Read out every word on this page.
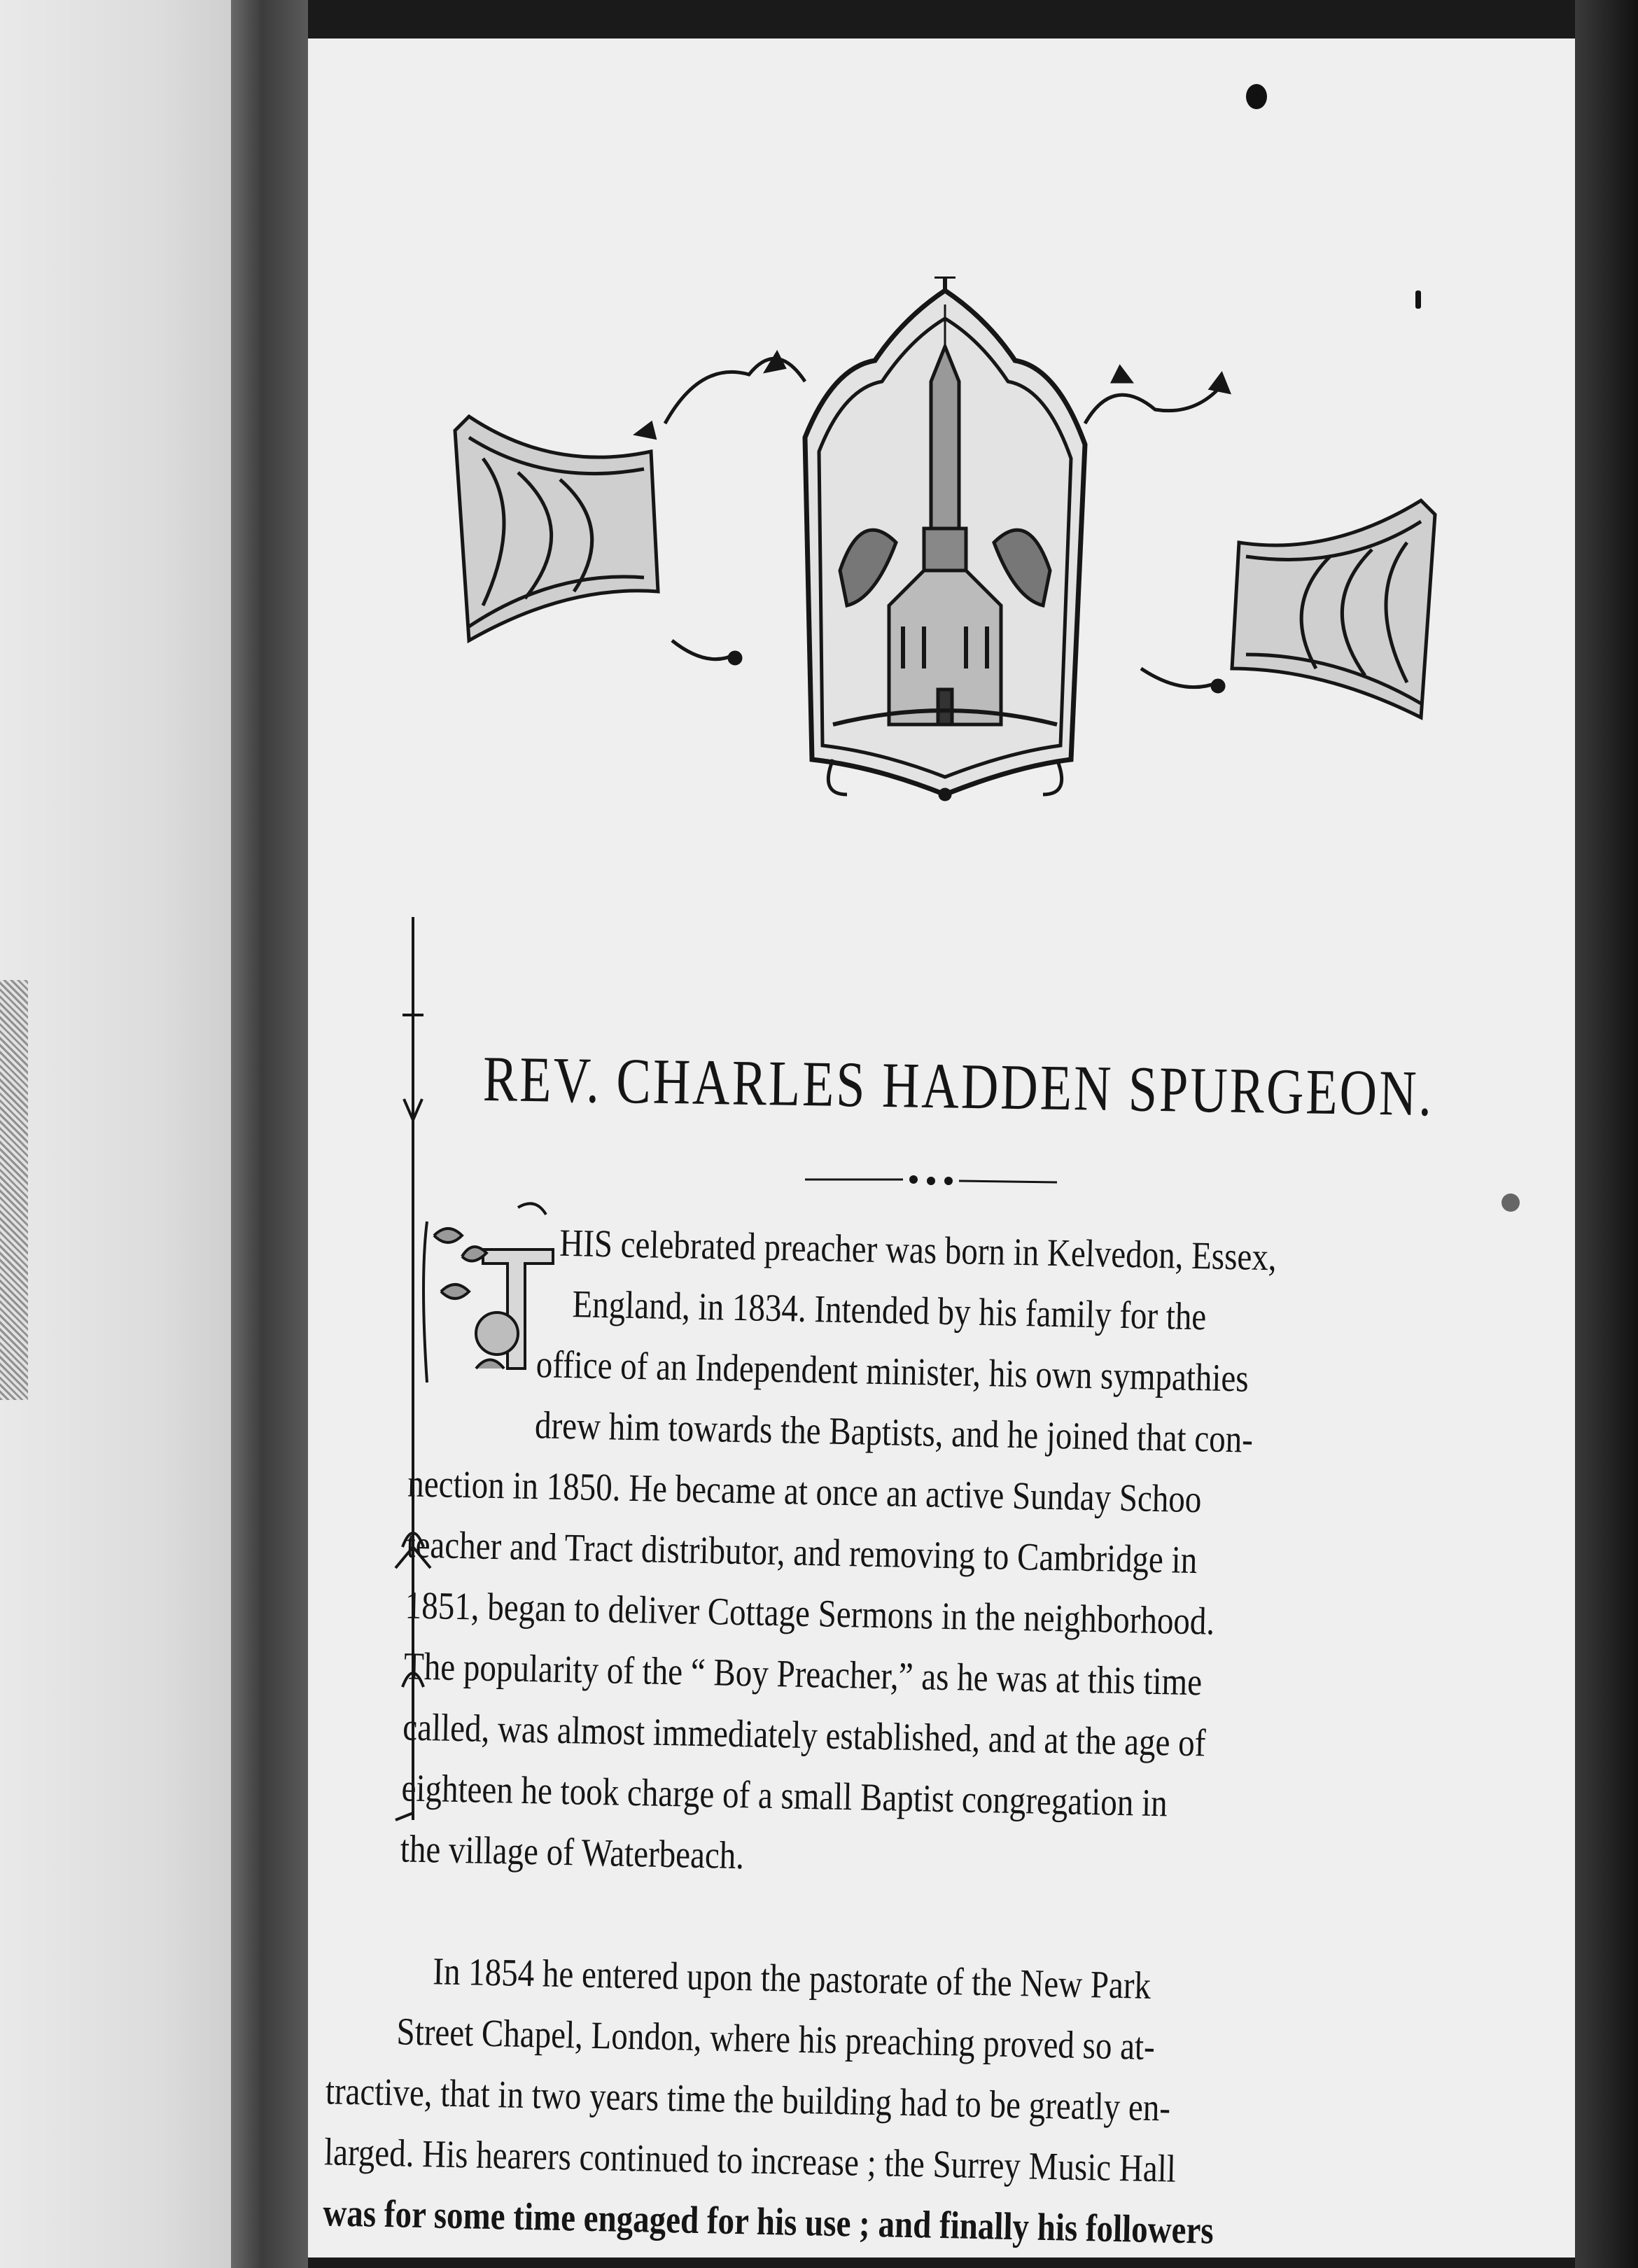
REV. CHARLES HADDEN SPURGEON.
HIS celebrated preacher was born in Kelvedon, Essex,
England, in 1834. Intended by his family for the
office of an Independent minister, his own sympathies
drew him towards the Baptists, and he joined that con-
nection in 1850. He became at once an active Sunday Schoo
teacher and Tract distributor, and removing to Cambridge in
1851, began to deliver Cottage Sermons in the neighborhood.
The popularity of the “ Boy Preacher,” as he was at this time
called, was almost immediately established, and at the age of
eighteen he took charge of a small Baptist congregation in
the village of Waterbeach.
In 1854 he entered upon the pastorate of the New Park
Street Chapel, London, where his preaching proved so at-
tractive, that in two years time the building had to be greatly en-
larged. His hearers continued to increase ; the Surrey Music Hall
was for some time engaged for his use ; and finally his followers
